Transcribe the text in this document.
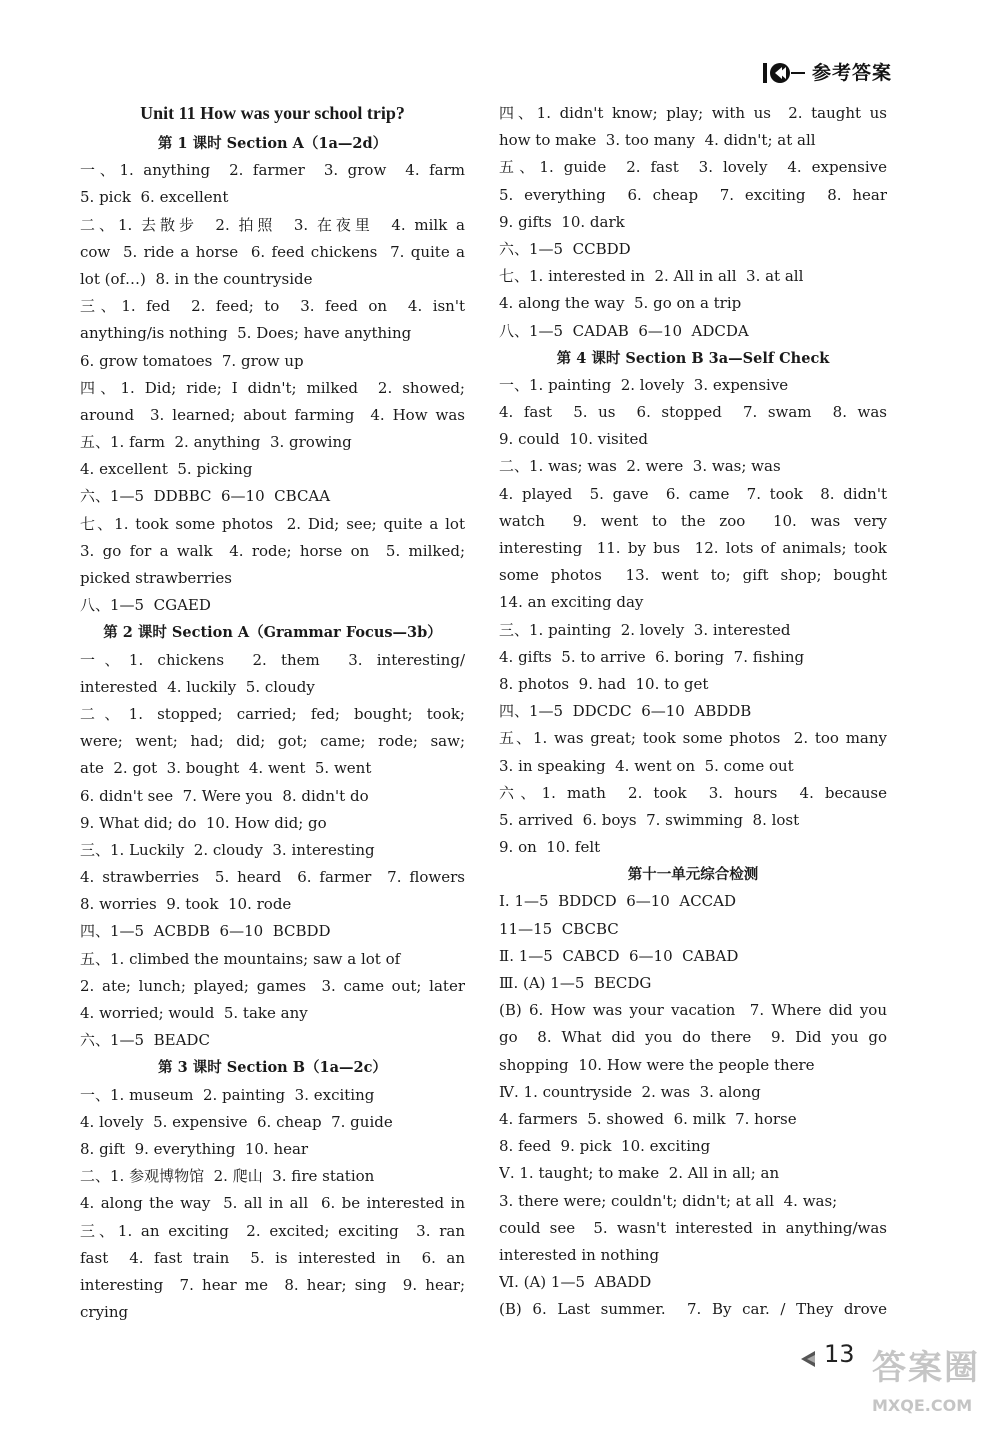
参考答案
Unit 11 How was your school trip?
第 1 课时 Section A（1a—2d）
一、1. anything  2. farmer  3. grow  4. farm
5. pick  6. excellent
二、1. 去散步  2. 拍照  3. 在夜里  4. milk a
cow  5. ride a horse  6. feed chickens  7. quite a
lot (of…)  8. in the countryside
三、1. fed  2. feed; to  3. feed on  4. isn't
anything/is nothing  5. Does; have anything
6. grow tomatoes  7. grow up
四、1. Did; ride; I didn't; milked  2. showed;
around  3. learned; about farming  4. How was
五、1. farm  2. anything  3. growing
4. excellent  5. picking
六、1—5  DDBBC  6—10  CBCAA
七、1. took some photos  2. Did; see; quite a lot
3. go for a walk  4. rode; horse on  5. milked;
picked strawberries
八、1—5  CGAED
第 2 课时 Section A（Grammar Focus—3b）
一、1. chickens  2. them  3. interesting/
interested  4. luckily  5. cloudy
二、1. stopped; carried; fed; bought; took;
were; went; had; did; got; came; rode; saw;
ate  2. got  3. bought  4. went  5. went
6. didn't see  7. Were you  8. didn't do
9. What did; do  10. How did; go
三、1. Luckily  2. cloudy  3. interesting
4. strawberries  5. heard  6. farmer  7. flowers
8. worries  9. took  10. rode
四、1—5  ACBDB  6—10  BCBDD
五、1. climbed the mountains; saw a lot of
2. ate; lunch; played; games  3. came out; later
4. worried; would  5. take any
六、1—5  BEADC
第 3 课时 Section B（1a—2c）
一、1. museum  2. painting  3. exciting
4. lovely  5. expensive  6. cheap  7. guide
8. gift  9. everything  10. hear
二、1. 参观博物馆  2. 爬山  3. fire station
4. along the way  5. all in all  6. be interested in
三、1. an exciting  2. excited; exciting  3. ran
fast  4. fast train  5. is interested in  6. an
interesting  7. hear me  8. hear; sing  9. hear;
crying
四、1. didn't know; play; with us  2. taught us
how to make  3. too many  4. didn't; at all
五、1. guide  2. fast  3. lovely  4. expensive
5. everything  6. cheap  7. exciting  8. hear
9. gifts  10. dark
六、1—5  CCBDD
七、1. interested in  2. All in all  3. at all
4. along the way  5. go on a trip
八、1—5  CADAB  6—10  ADCDA
第 4 课时 Section B 3a—Self Check
一、1. painting  2. lovely  3. expensive
4. fast  5. us  6. stopped  7. swam  8. was
9. could  10. visited
二、1. was; was  2. were  3. was; was
4. played  5. gave  6. came  7. took  8. didn't
watch  9. went to the zoo  10. was very
interesting  11. by bus  12. lots of animals; took
some photos  13. went to; gift shop; bought
14. an exciting day
三、1. painting  2. lovely  3. interested
4. gifts  5. to arrive  6. boring  7. fishing
8. photos  9. had  10. to get
四、1—5  DDCDC  6—10  ABDDB
五、1. was great; took some photos  2. too many
3. in speaking  4. went on  5. come out
六、1. math  2. took  3. hours  4. because
5. arrived  6. boys  7. swimming  8. lost
9. on  10. felt
第十一单元综合检测
Ⅰ. 1—5  BDDCD  6—10  ACCAD
11—15  CBCBC
Ⅱ. 1—5  CABCD  6—10  CABAD
Ⅲ. (A) 1—5  BECDG
(B) 6. How was your vacation  7. Where did you
go  8. What did you do there  9. Did you go
shopping  10. How were the people there
Ⅳ. 1. countryside  2. was  3. along
4. farmers  5. showed  6. milk  7. horse
8. feed  9. pick  10. exciting
Ⅴ. 1. taught; to make  2. All in all; an
3. there were; couldn't; didn't; at all  4. was;
could see  5. wasn't interested in anything/was
interested in nothing
Ⅵ. (A) 1—5  ABADD
(B) 6. Last summer.  7. By car. / They drove
13 答案圈
MXQE.COM
